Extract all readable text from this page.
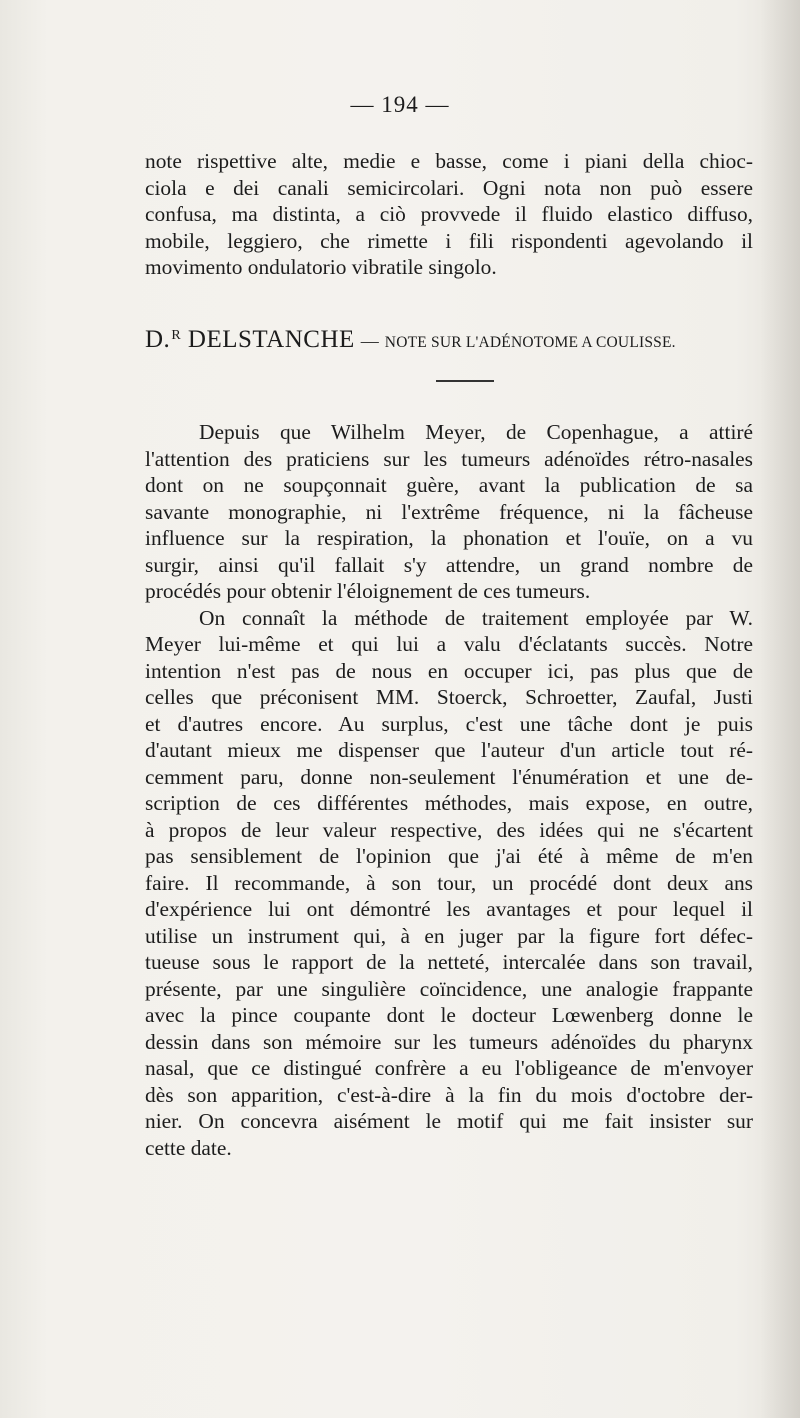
— 194 —
note rispettive alte, medie e basse, come i piani della chioc-
ciola e dei canali semicircolari. Ogni nota non può essere
confusa, ma distinta, a ciò provvede il fluido elastico diffuso,
mobile, leggiero, che rimette i fili rispondenti agevolando il
movimento ondulatorio vibratile singolo.
D.$^R$ DELSTANCHE — NOTE SUR L'ADÉNOTOME A COULISSE.
Depuis que Wilhelm Meyer, de Copenhague, a attiré
l'attention des praticiens sur les tumeurs adénoïdes rétro-nasales
dont on ne soupçonnait guère, avant la publication de sa
savante monographie, ni l'extrême fréquence, ni la fâcheuse
influence sur la respiration, la phonation et l'ouïe, on a vu
surgir, ainsi qu'il fallait s'y attendre, un grand nombre de
procédés pour obtenir l'éloignement de ces tumeurs.
On connaît la méthode de traitement employée par W.
Meyer lui-même et qui lui a valu d'éclatants succès. Notre
intention n'est pas de nous en occuper ici, pas plus que de
celles que préconisent MM. Stoerck, Schroetter, Zaufal, Justi
et d'autres encore. Au surplus, c'est une tâche dont je puis
d'autant mieux me dispenser que l'auteur d'un article tout ré-
cemment paru, donne non-seulement l'énumération et une de-
scription de ces différentes méthodes, mais expose, en outre,
à propos de leur valeur respective, des idées qui ne s'écartent
pas sensiblement de l'opinion que j'ai été à même de m'en
faire. Il recommande, à son tour, un procédé dont deux ans
d'expérience lui ont démontré les avantages et pour lequel il
utilise un instrument qui, à en juger par la figure fort défec-
tueuse sous le rapport de la netteté, intercalée dans son travail,
présente, par une singulière coïncidence, une analogie frappante
avec la pince coupante dont le docteur Lœwenberg donne le
dessin dans son mémoire sur les tumeurs adénoïdes du pharynx
nasal, que ce distingué confrère a eu l'obligeance de m'envoyer
dès son apparition, c'est-à-dire à la fin du mois d'octobre der-
nier. On concevra aisément le motif qui me fait insister sur
cette date.
